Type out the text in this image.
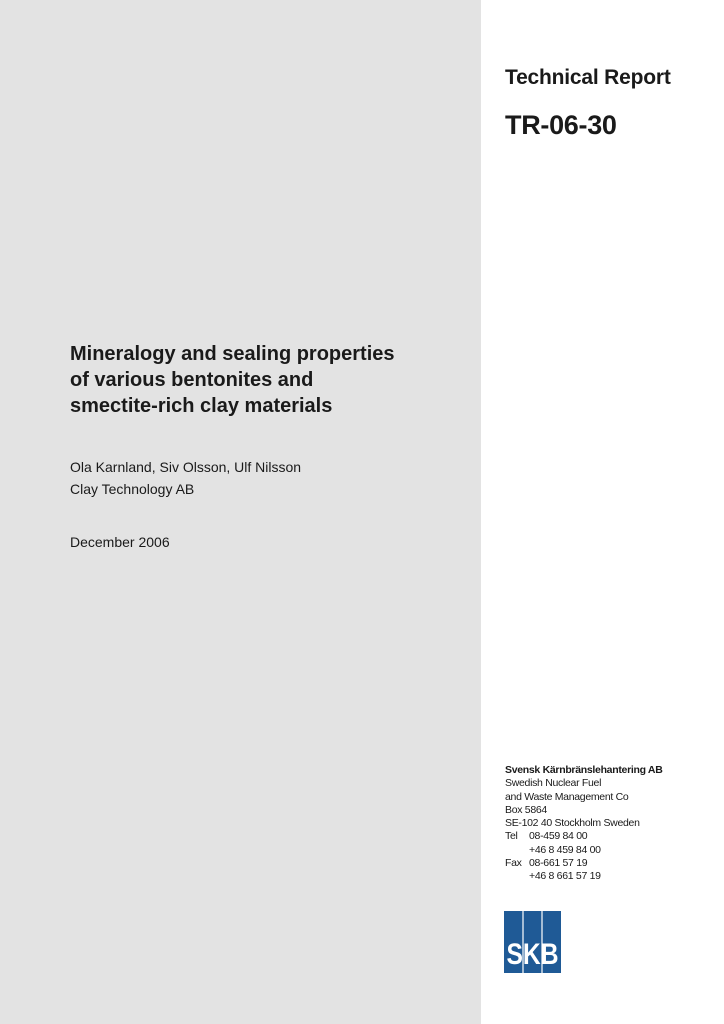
Technical Report
TR-06-30
Mineralogy and sealing properties
of various bentonites and
smectite-rich clay materials
Ola Karnland, Siv Olsson, Ulf Nilsson
Clay Technology AB
December 2006
Svensk Kärnbränslehantering AB
Swedish Nuclear Fuel
and Waste Management Co
Box 5864
SE-102 40 Stockholm Sweden
Tel	08-459 84 00
+46 8 459 84 00
Fax 08-661 57 19
+46 8 661 57 19
SKB
